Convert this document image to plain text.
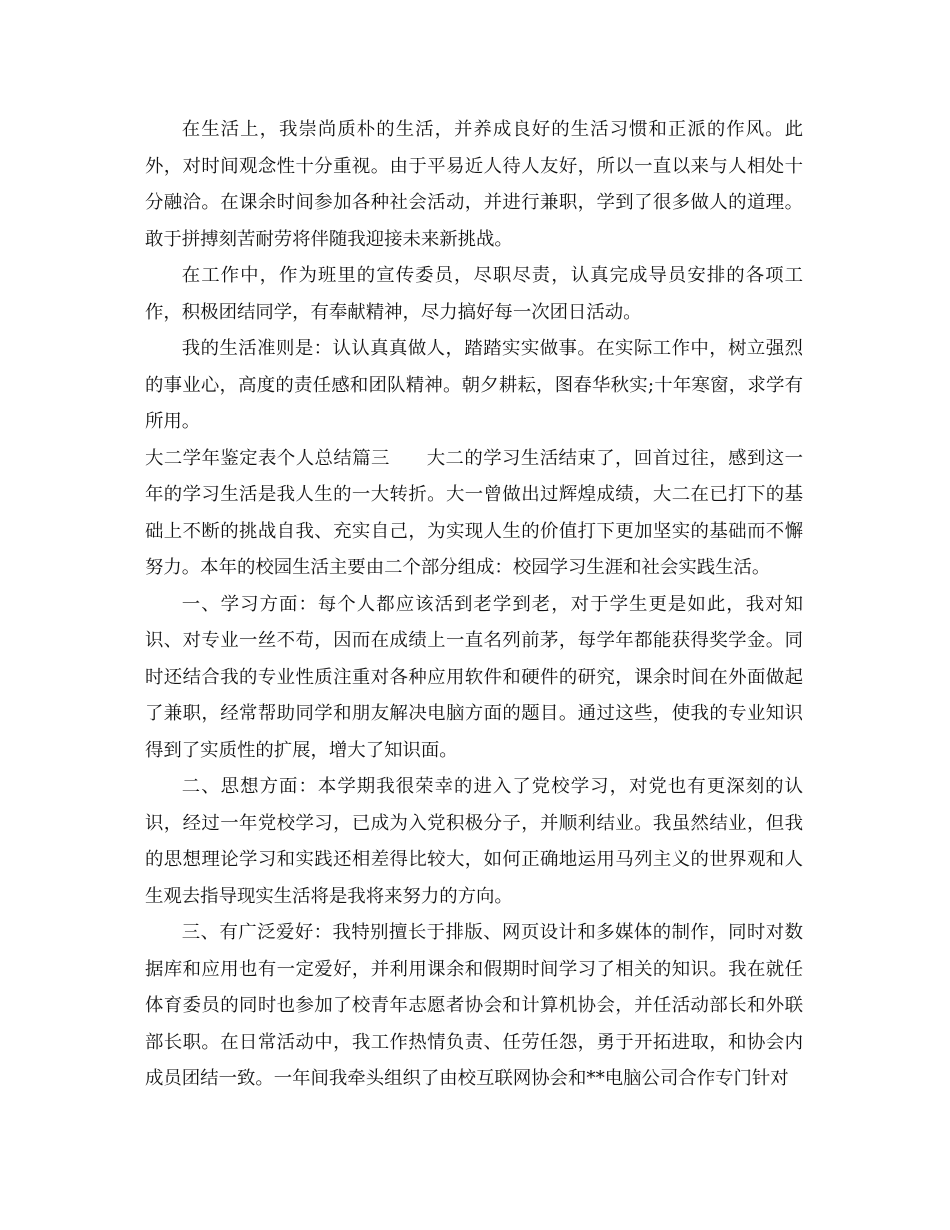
在生活上，我崇尚质朴的生活，并养成良好的生活习惯和正派的作风。此外，对时间观念性十分重视。由于平易近人待人友好，所以一直以来与人相处十分融洽。在课余时间参加各种社会活动，并进行兼职，学到了很多做人的道理。敢于拼搏刻苦耐劳将伴随我迎接未来新挑战。

在工作中，作为班里的宣传委员，尽职尽责，认真完成导员安排的各项工作，积极团结同学，有奉献精神，尽力搞好每一次团日活动。

我的生活准则是：认认真真做人，踏踏实实做事。在实际工作中，树立强烈的事业心，高度的责任感和团队精神。朝夕耕耘，图春华秋实;十年寒窗，求学有所用。

大二学年鉴定表个人总结篇三 大二的学习生活结束了，回首过往，感到这一年的学习生活是我人生的一大转折。大一曾做出过辉煌成绩，大二在已打下的基础上不断的挑战自我、充实自己，为实现人生的价值打下更加坚实的基础而不懈努力。本年的校园生活主要由二个部分组成：校园学习生涯和社会实践生活。

一、学习方面：每个人都应该活到老学到老，对于学生更是如此，我对知识、对专业一丝不苟，因而在成绩上一直名列前茅，每学年都能获得奖学金。同时还结合我的专业性质注重对各种应用软件和硬件的研究，课余时间在外面做起了兼职，经常帮助同学和朋友解决电脑方面的题目。通过这些，使我的专业知识得到了实质性的扩展，增大了知识面。

二、思想方面：本学期我很荣幸的进入了党校学习，对党也有更深刻的认识，经过一年党校学习，已成为入党积极分子，并顺利结业。我虽然结业，但我的思想理论学习和实践还相差得比较大，如何正确地运用马列主义的世界观和人生观去指导现实生活将是我将来努力的方向。

三、有广泛爱好：我特别擅长于排版、网页设计和多媒体的制作，同时对数据库和应用也有一定爱好，并利用课余和假期时间学习了相关的知识。我在就任体育委员的同时也参加了校青年志愿者协会和计算机协会，并任活动部长和外联部长职。在日常活动中，我工作热情负责、任劳任怨，勇于开拓进取，和协会内成员团结一致。一年间我牵头组织了由校互联网协会和**电脑公司合作专门针对
